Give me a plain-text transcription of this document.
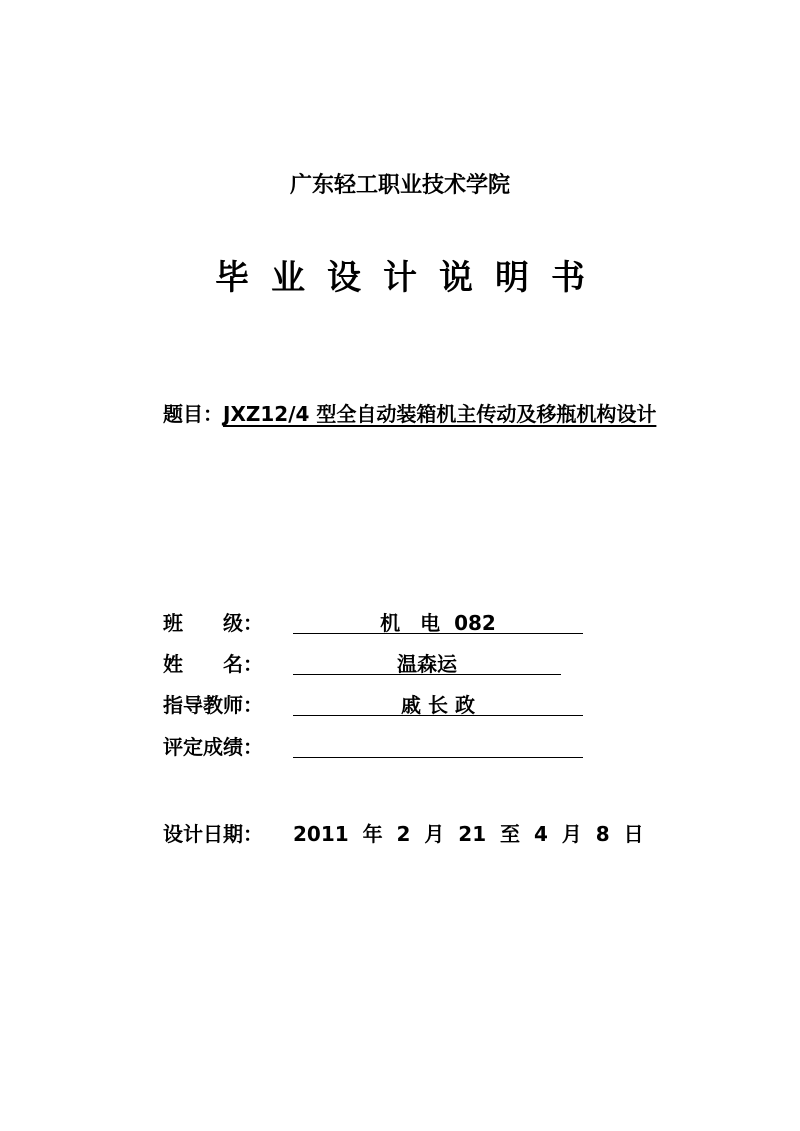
广东轻工职业技术学院
毕业设计说明书
题目：JXZ12/4 型全自动装箱机主传动及移瓶机构设计
班　　级：	机　电  082
姓　　名：	温森运
指导教师：	戚 长 政
评定成绩：
设计日期： 2011  年  2  月  21  至  4  月  8  日
